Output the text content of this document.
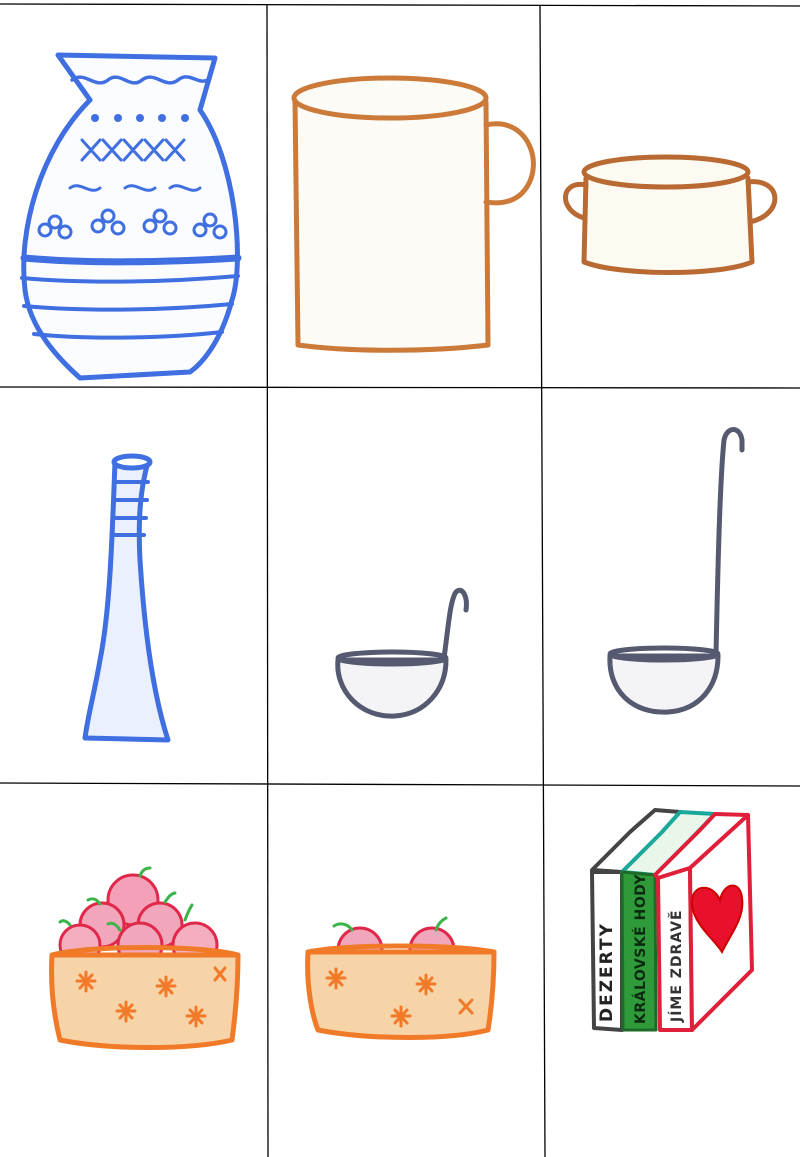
DEZERTY KRÁLOVSKÉ HODY JÍME ZDRAVĚ
